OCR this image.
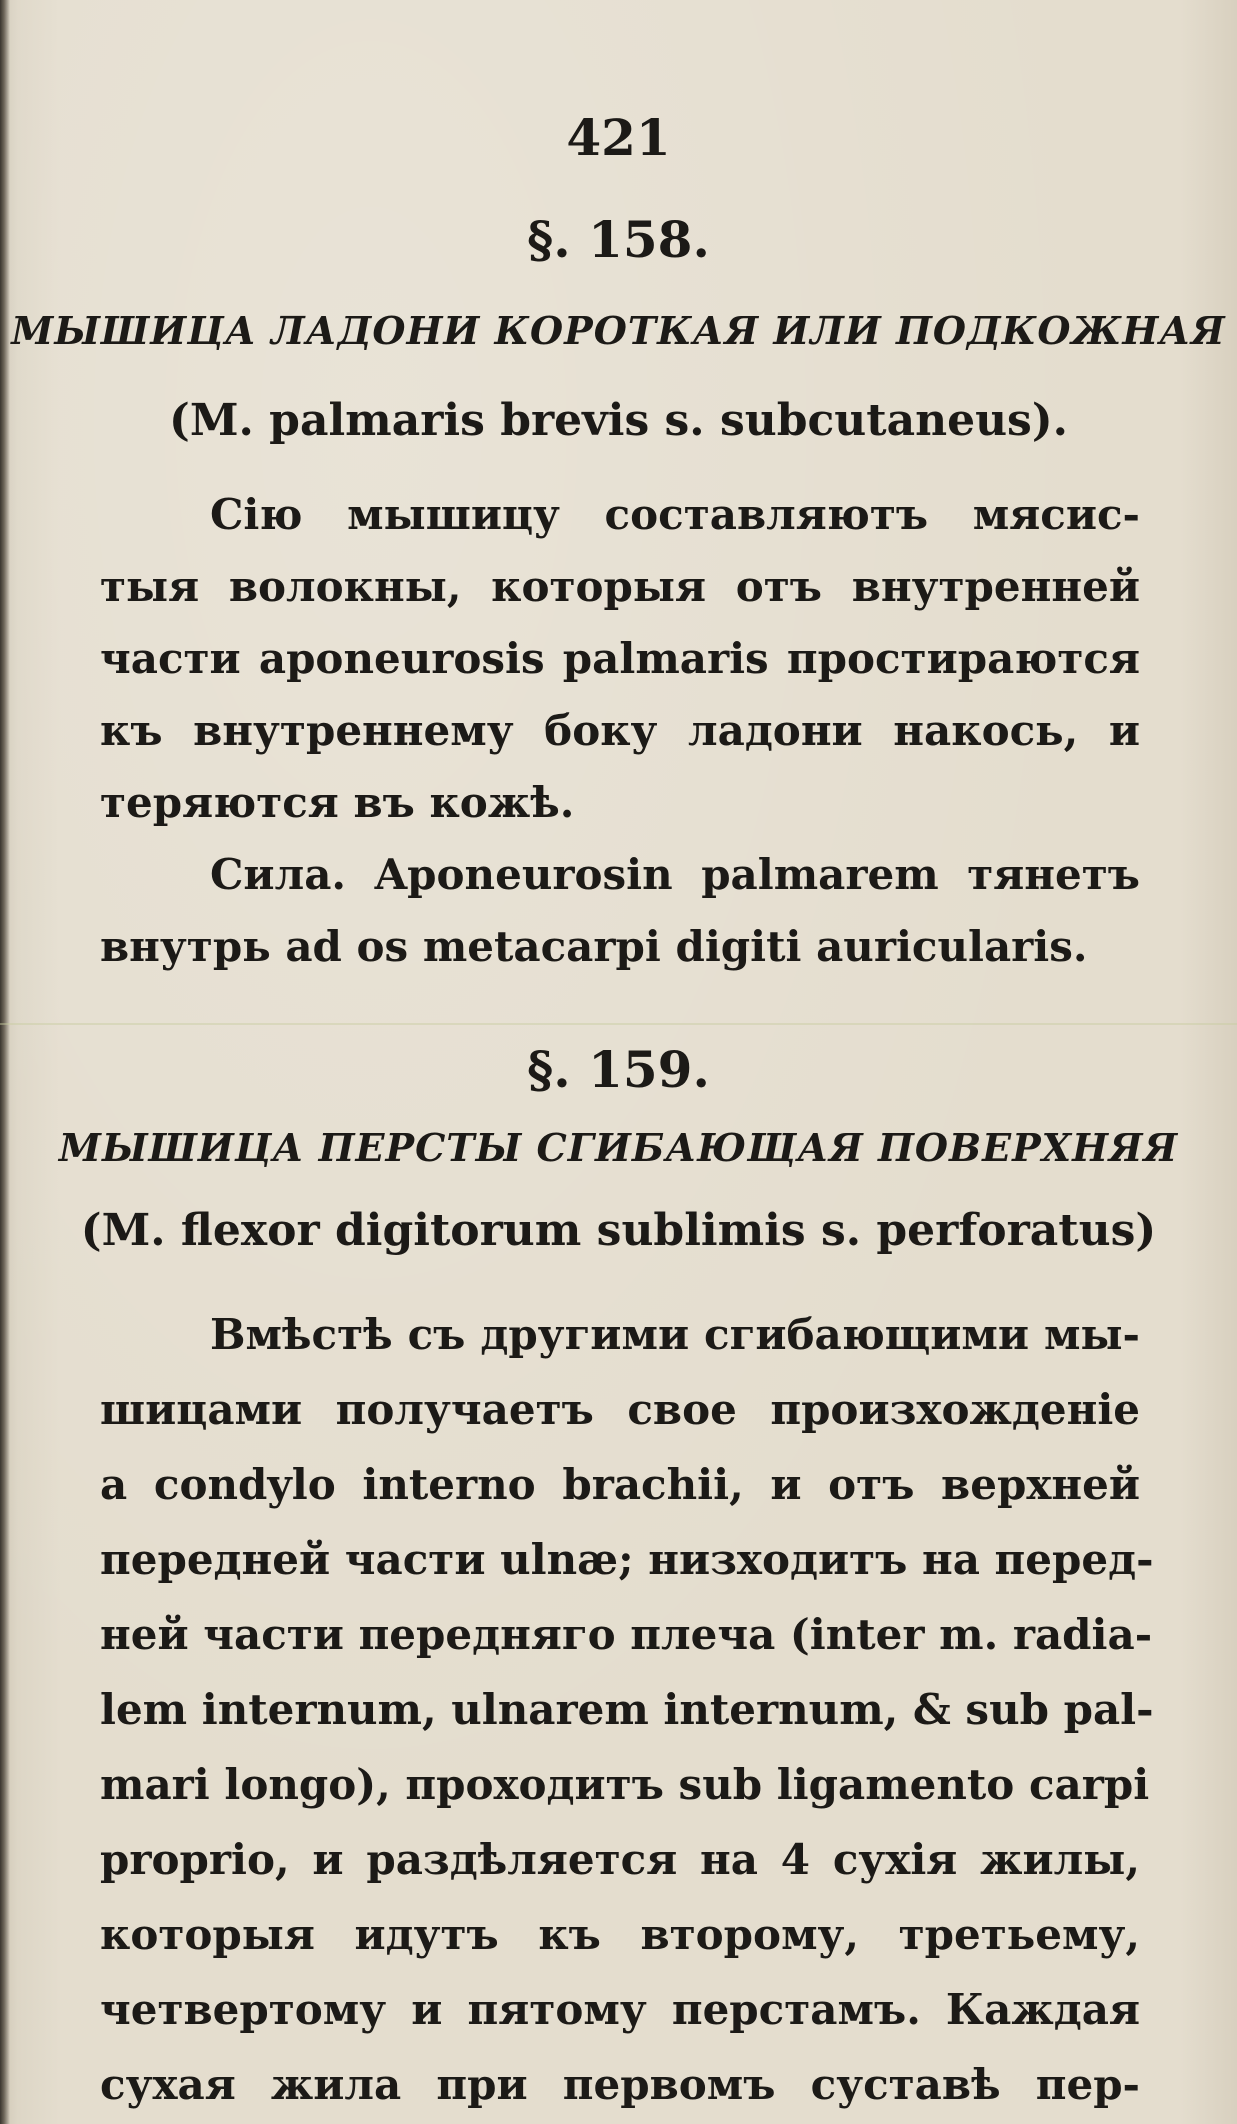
421

§. 158.

МЫШИЦА ЛАДОНИ КОРОТКАЯ ИЛИ ПОДКОЖНАЯ

(M. palmaris brevis s. subcutaneus).

Сію мышицу составляютъ мясис-

тыя волокны, которыя отъ внутренней

части aponeurosis palmaris простираются

къ внутреннему боку ладони накось, и

теряются въ кожѣ.

Сила. Aponeurosin palmarem тянетъ

внутрь ad os metacarpi digiti auricularis.

§. 159.

МЫШИЦА ПЕРСТЫ СГИБАЮЩАЯ ПОВЕРХНЯЯ

(M. flexor digitorum sublimis s. perforatus)

Вмѣстѣ съ другими сгибающими мы-

шицами получаетъ свое произхожденіе

a condylo interno brachii, и отъ верхней

передней части ulnæ; низходитъ на перед-

ней части передняго плеча (inter m. radia-

lem internum, ulnarem internum, & sub pal-

mari longo), проходитъ sub ligamento carpi

proprio, и раздѣляется на 4 сухія жилы,

которыя идутъ къ второму, третьему,

четвертому и пятому перстамъ. Каждая

сухая жила при первомъ суставѣ пер-
